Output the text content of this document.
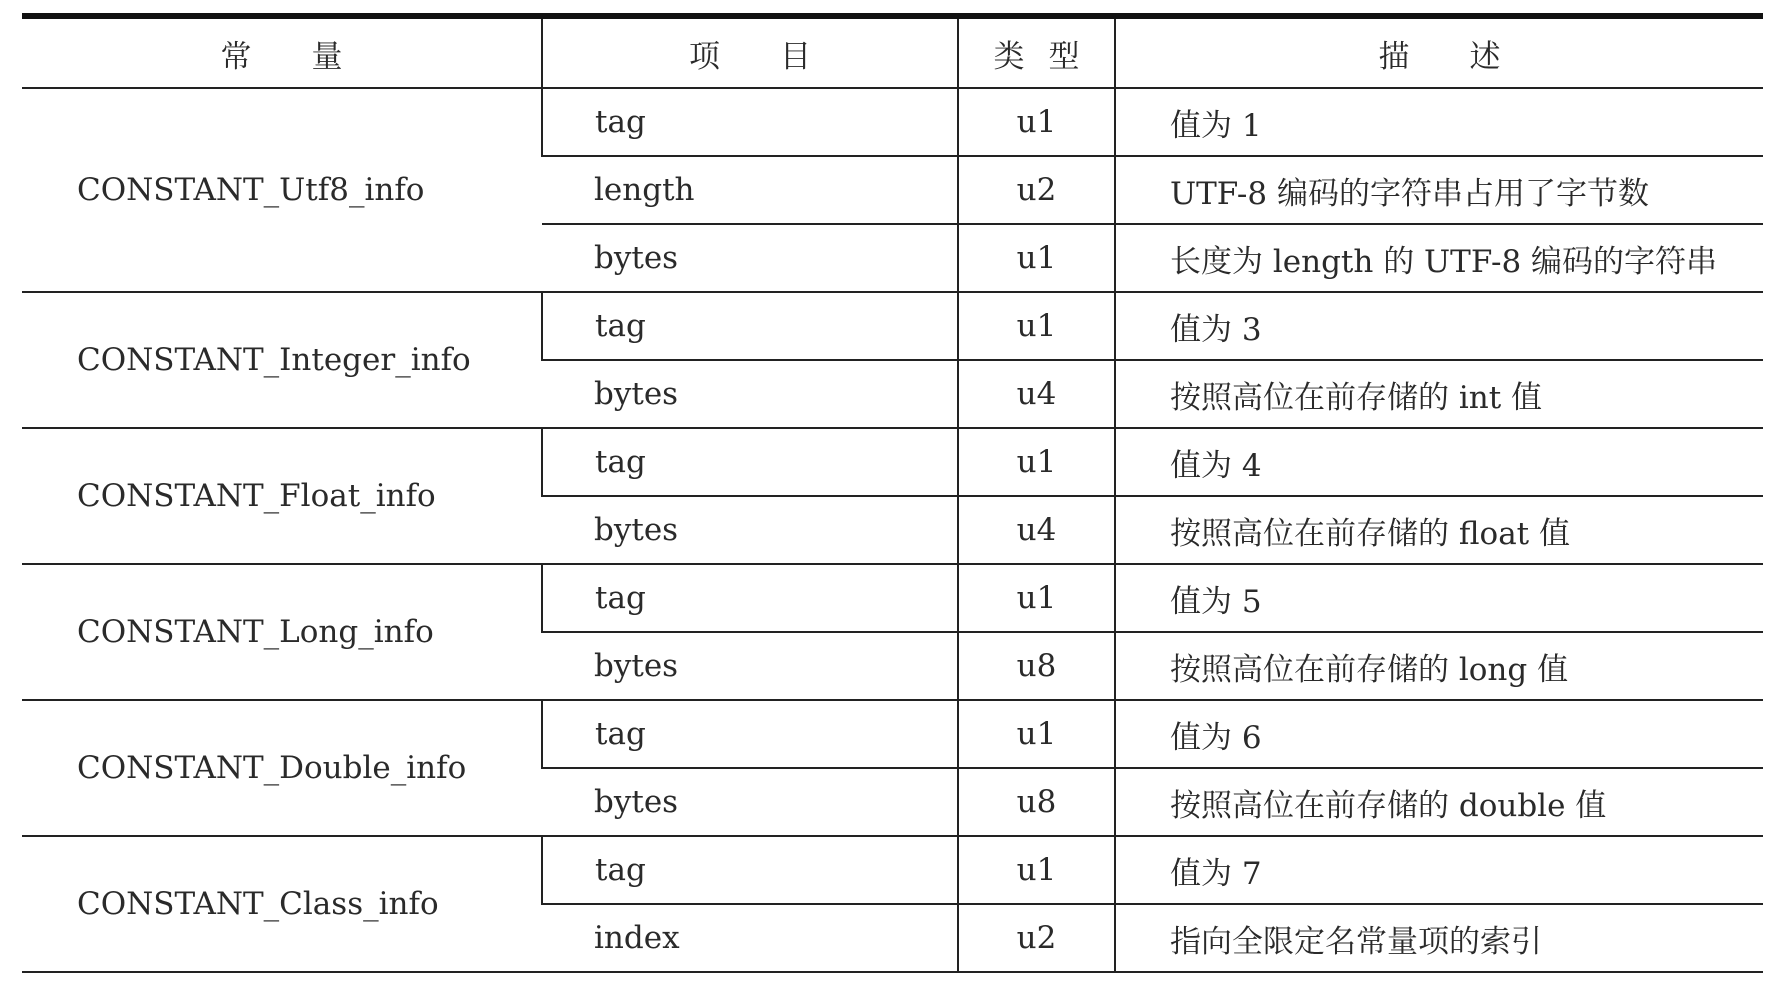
常 量	项 目	类 型	描 述
CONSTANT_Utf8_info	tag	u1	值为 1
	length	u2	UTF-8 编码的字符串占用了字节数
	bytes	u1	长度为 length 的 UTF-8 编码的字符串
CONSTANT_Integer_info	tag	u1	值为 3
	bytes	u4	按照高位在前存储的 int 值
CONSTANT_Float_info	tag	u1	值为 4
	bytes	u4	按照高位在前存储的 float 值
CONSTANT_Long_info	tag	u1	值为 5
	bytes	u8	按照高位在前存储的 long 值
CONSTANT_Double_info	tag	u1	值为 6
	bytes	u8	按照高位在前存储的 double 值
CONSTANT_Class_info	tag	u1	值为 7
	index	u2	指向全限定名常量项的索引
